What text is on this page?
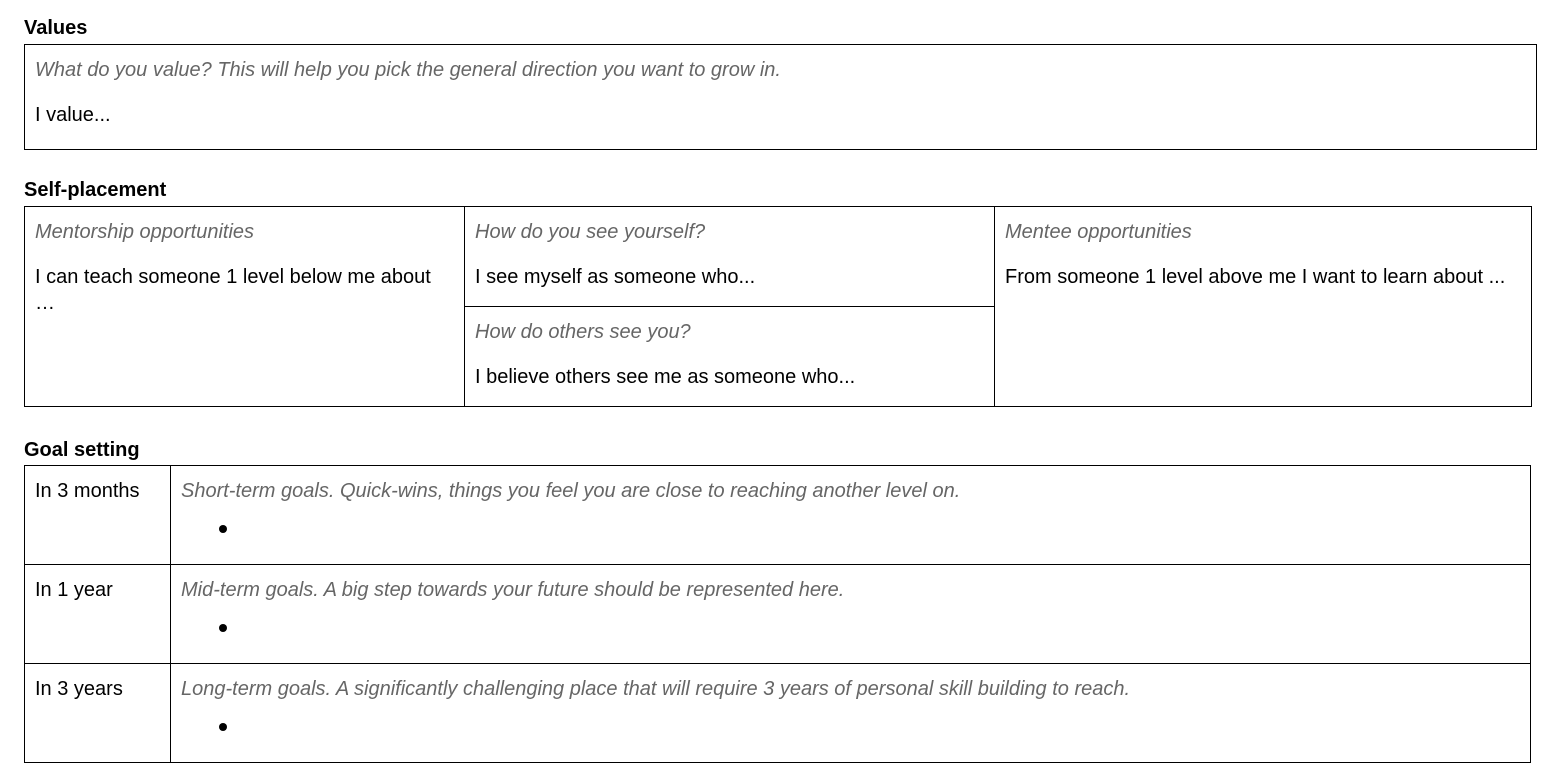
Values
What do you value? This will help you pick the general direction you want to grow in.
I value...
Self-placement
Mentorship opportunities
I can teach someone 1 level below me about …

How do you see yourself?
I see myself as someone who...

Mentee opportunities
From someone 1 level above me I want to learn about ...

How do others see you?
I believe others see me as someone who...
Goal setting
In 3 months	Short-term goals. Quick-wins, things you feel you are close to reaching another level on.

In 1 year	Mid-term goals. A big step towards your future should be represented here.

In 3 years	Long-term goals. A significantly challenging place that will require 3 years of personal skill building to reach.
